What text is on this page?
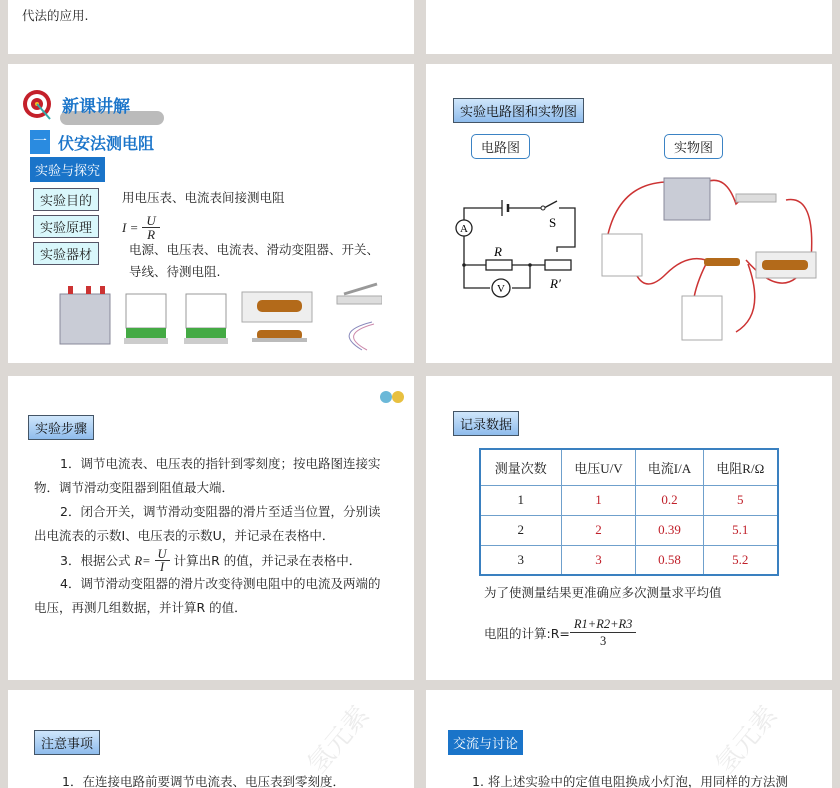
代法的应用.
新课讲解
一 伏安法测电阻
实验与探究
实验目的	用电压表、电流表间接测电阻
实验原理	$I = \frac{U}{R}$
实验器材	电源、电压表、电流表、滑动变阻器、开关、
导线、待测电阻.
实验电路图和实物图
电路图	实物图
A
V
S
R
R′
实验步骤
1．调节电流表、电压表的指针到零刻度；按电路图连接实物．调节滑动变阻器到阻值最大端．
2．闭合开关，调节滑动变阻器的滑片至适当位置，分别读出电流表的示数I、电压表的示数U，并记录在表格中．
3．根据公式 $R= \frac{U}{I}$ 计算出R 的值，并记录在表格中．
4．调节滑动变阻器的滑片改变待测电阻中的电流及两端的电压，再测几组数据，并计算R 的值．
记录数据
测量次数	电压U/V	电流I/A	电阻R/Ω
1	1	0.2	5
2	2	0.39	5.1
3	3	0.58	5.2
为了使测量结果更准确应多次测量求平均值
电阻的计算:R= $\frac{R1+R2+R3}{3}$
注意事项
1．在连接电路前要调节电流表、电压表到零刻度．
氢元素	交流与讨论
1. 将上述实验中的定值电阻换成小灯泡，用同样的方法测
氢元素
